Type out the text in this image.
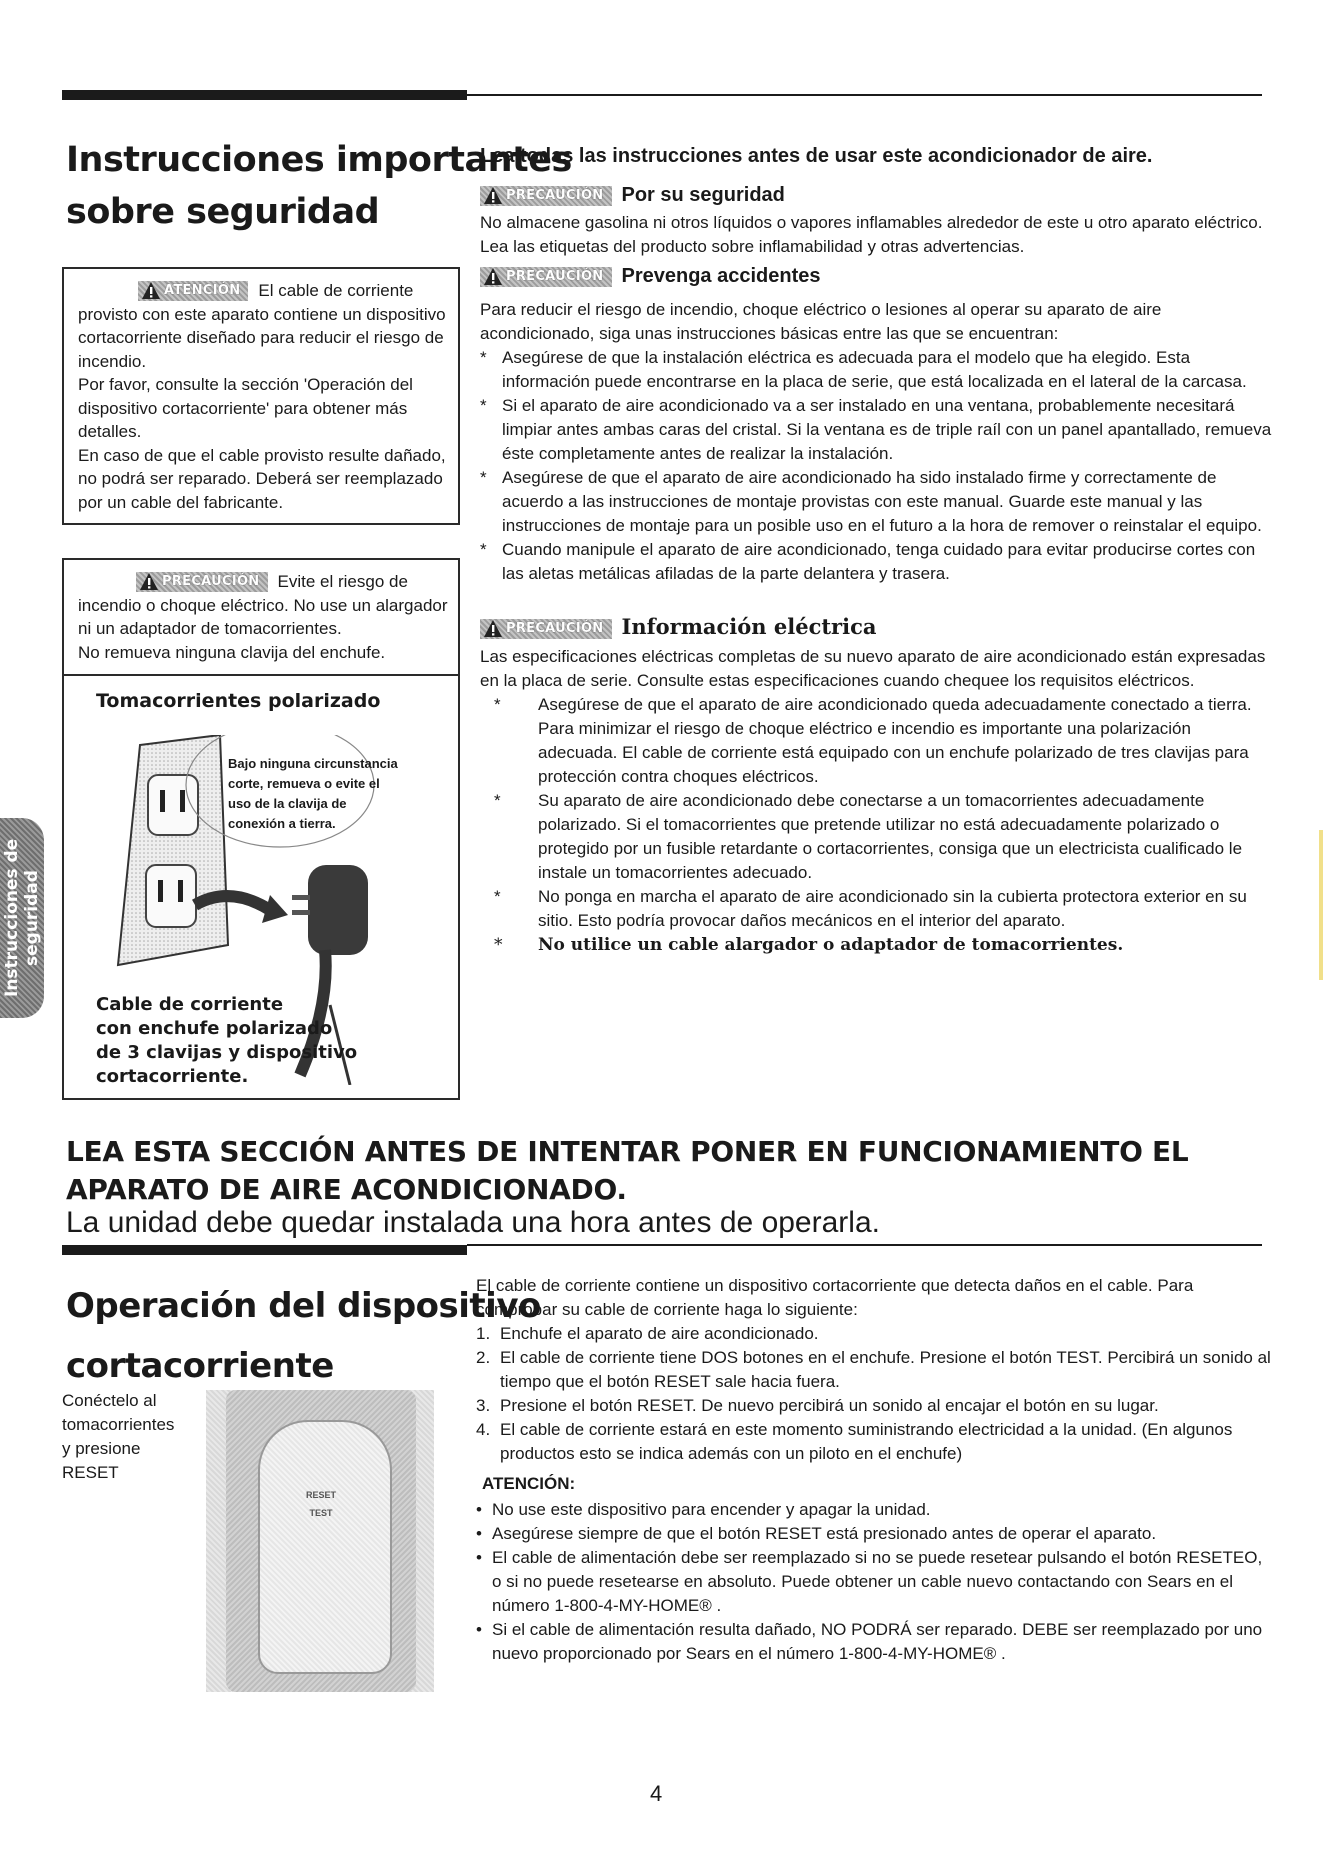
Instrucciones importantes
sobre seguridad

ATENCIÓN El cable de corriente provisto con este aparato contiene un dispositivo cortacorriente diseñado para reducir el riesgo de incendio.

Por favor, consulte la sección 'Operación del dispositivo cortacorriente' para obtener más detalles.

En caso de que el cable provisto resulte dañado, no podrá ser reparado. Deberá ser reemplazado por un cable del fabricante.

PRECAUCIÓN Evite el riesgo de incendio o choque eléctrico. No use un alargador ni un adaptador de tomacorrientes.

No remueva ninguna clavija del enchufe.

Tomacorrientes polarizado
Bajo ninguna circunstancia corte, remueva o evite el uso de la clavija de conexión a tierra.
Cable de corriente
con enchufe polarizado
de 3 clavijas y dispositivo
cortacorriente.
Instrucciones de seguridad
Lea todas las instrucciones antes de usar este acondicionador de aire.
PRECAUCIÓN Por su seguridad
No almacene gasolina ni otros líquidos o vapores inflamables alrededor de este u otro aparato eléctrico. Lea las etiquetas del producto sobre inflamabilidad y otras advertencias.
PRECAUCIÓN Prevenga accidentes
Para reducir el riesgo de incendio, choque eléctrico o lesiones al operar su aparato de aire acondicionado, siga unas instrucciones básicas entre las que se encuentran:
* Asegúrese de que la instalación eléctrica es adecuada para el modelo que ha elegido. Esta información puede encontrarse en la placa de serie, que está localizada en el lateral de la carcasa.
* Si el aparato de aire acondicionado va a ser instalado en una ventana, probablemente necesitará limpiar antes ambas caras del cristal. Si la ventana es de triple raíl con un panel apantallado, remueva éste completamente antes de realizar la instalación.
* Asegúrese de que el aparato de aire acondicionado ha sido instalado firme y correctamente de acuerdo a las instrucciones de montaje provistas con este manual. Guarde este manual y las instrucciones de montaje para un posible uso en el futuro a la hora de remover o reinstalar el equipo.
* Cuando manipule el aparato de aire acondicionado, tenga cuidado para evitar producirse cortes con las aletas metálicas afiladas de la parte delantera y trasera.
PRECAUCIÓN Información eléctrica
Las especificaciones eléctricas completas de su nuevo aparato de aire acondicionado están expresadas en la placa de serie. Consulte estas especificaciones cuando chequee los requisitos eléctricos.
* Asegúrese de que el aparato de aire acondicionado queda adecuadamente conectado a tierra. Para minimizar el riesgo de choque eléctrico e incendio es importante una polarización adecuada. El cable de corriente está equipado con un enchufe polarizado de tres clavijas para protección contra choques eléctricos.
* Su aparato de aire acondicionado debe conectarse a un tomacorrientes adecuadamente polarizado. Si el tomacorrientes que pretende utilizar no está adecuadamente polarizado o protegido por un fusible retardante o cortacorrientes, consiga que un electricista cualificado le instale un tomacorrientes adecuado.
* No ponga en marcha el aparato de aire acondicionado sin la cubierta protectora exterior en su sitio. Esto podría provocar daños mecánicos en el interior del aparato.
* No utilice un cable alargador o adaptador de tomacorrientes.
LEA ESTA SECCIÓN ANTES DE INTENTAR PONER EN FUNCIONAMIENTO EL
APARATO DE AIRE ACONDICIONADO.

La unidad debe quedar instalada una hora antes de operarla.

Operación del dispositivo
cortacorriente
Conéctelo al
tomacorrientes
y presione
RESET
RESET
TEST
El cable de corriente contiene un dispositivo cortacorriente que detecta daños en el cable. Para comprobar su cable de corriente haga lo siguiente:
1. Enchufe el aparato de aire acondicionado.
2. El cable de corriente tiene DOS botones en el enchufe. Presione el botón TEST. Percibirá un sonido al tiempo que el botón RESET sale hacia fuera.
3. Presione el botón RESET. De nuevo percibirá un sonido al encajar el botón en su lugar.
4. El cable de corriente estará en este momento suministrando electricidad a la unidad. (En algunos productos esto se indica además con un piloto en el enchufe)
ATENCIÓN:
• No use este dispositivo para encender y apagar la unidad.
• Asegúrese siempre de que el botón RESET está presionado antes de operar el aparato.
• El cable de alimentación debe ser reemplazado si no se puede resetear pulsando el botón RESETEO, o si no puede resetearse en absoluto. Puede obtener un cable nuevo contactando con Sears en el número 1-800-4-MY-HOME® .
• Si el cable de alimentación resulta dañado, NO PODRÁ ser reparado. DEBE ser reemplazado por uno nuevo proporcionado por Sears en el número 1-800-4-MY-HOME® .
4
